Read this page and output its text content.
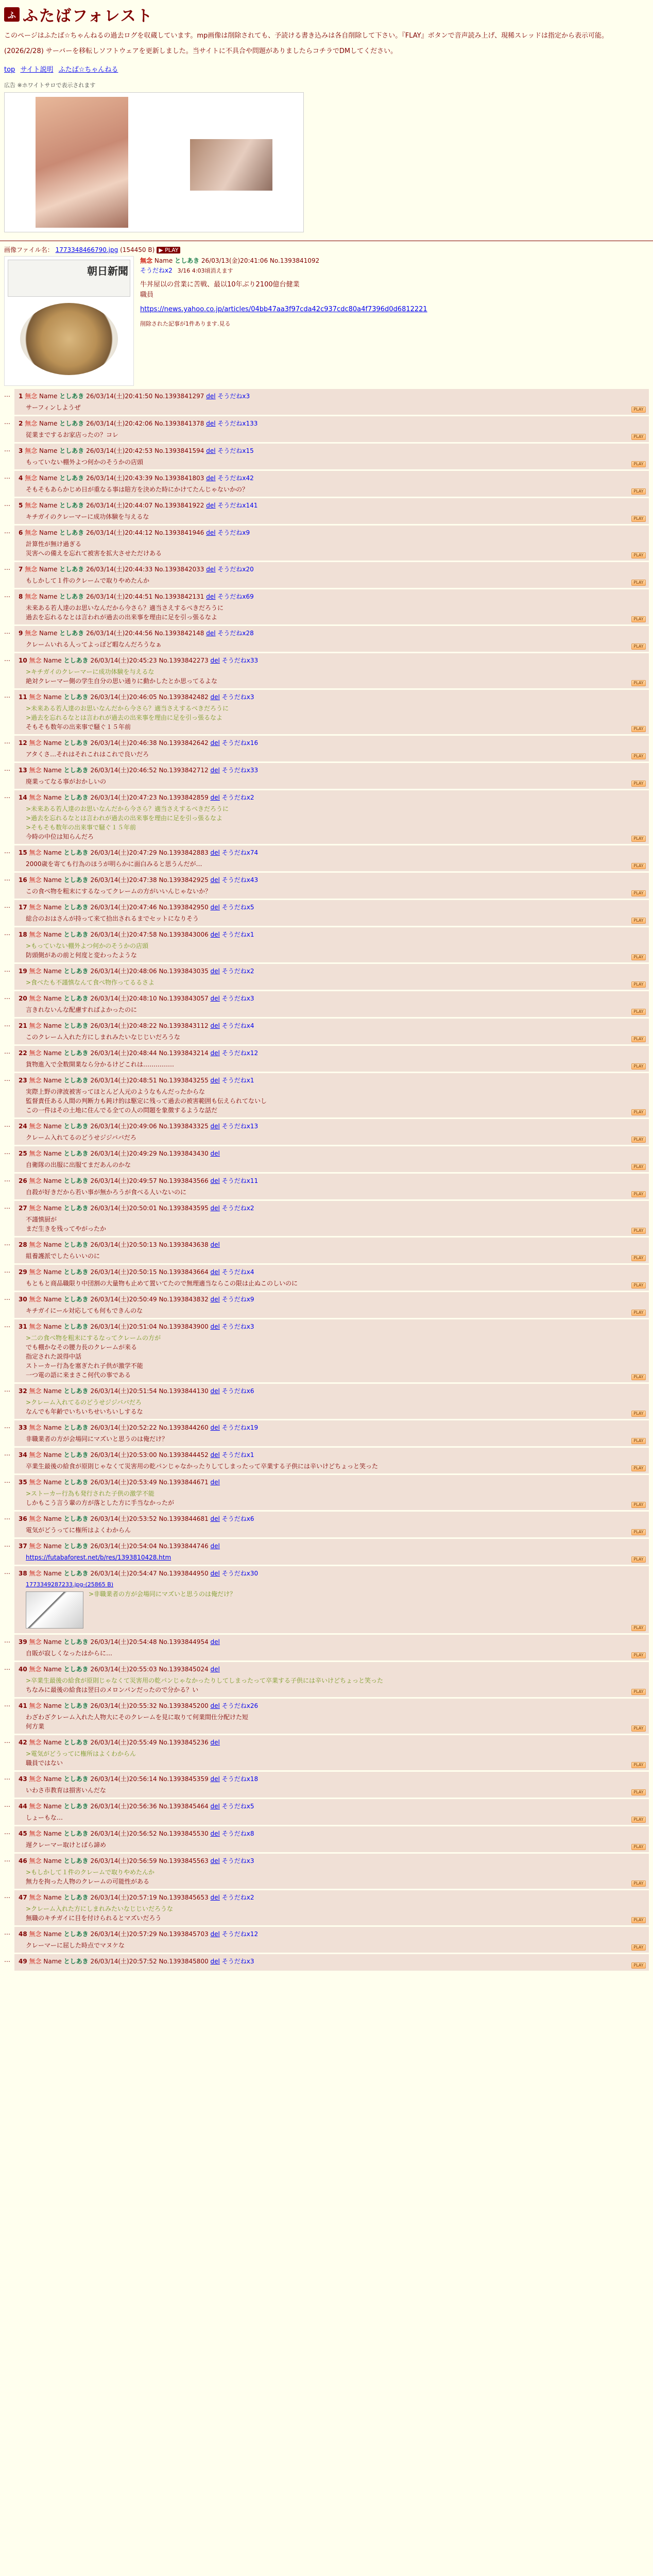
ふ ふたばフォレスト
このページはふたば☆ちゃんねるの過去ログを収蔵しています。mp画像は削除されても、予読ける書き込みは各自削除して下さい。『FLAY』ボタンで音声読み上げ、現稀スレッドは指定から表示可能。
(2026/2/28) サーバーを移転しソフトウェアを更新しました。当サイトに不具合や問題がありましたらコチラでDMしてください。
top サイト説明 ふたば☆ちゃんねる
広告 ※ホワイトサロで表示されます
画像ファイル名： 1773348466790.jpg (154450 B) ▶ PLAY
朝日新聞
無念 Name としあき 26/03/13(金)20:41:06 No.1393841092
そうだねx2 3/16 4:03頃消えます
牛丼屋以の営業に苦戦、最以10年ぶり2100億台健業
職員
https://news.yahoo.co.jp/articles/04bb47aa3f97cda42c937cdc80a4f7396d0d6812221
削除された記事が1件あります.見る
…	1 無念 Name としあき 26/03/14(土)20:41:50 No.1393841297 del そうだねx3
サーフィンしようぜ	PLAY
…	2 無念 Name としあき 26/03/14(土)20:42:06 No.1393841378 del そうだねx133
従業までするお家店ったの？コレ	PLAY
…	3 無念 Name としあき 26/03/14(土)20:42:53 No.1393841594 del そうだねx15
もっていない棚外よつ何かのそうかの店頭	PLAY
…	4 無念 Name としあき 26/03/14(土)20:43:39 No.1393841803 del そうだねx42
そもそもあらかじめ日が重なる事は賠方を決めた時にかけてたんじゃないかの？	PLAY
…	5 無念 Name としあき 26/03/14(土)20:44:07 No.1393841922 del そうだねx141
キチガイのクレーマーに成功体験を与えるな	PLAY
…	6 無念 Name としあき 26/03/14(土)20:44:12 No.1393841946 del そうだねx9
計算性が無け過ぎる
災害への備えを忘れて被害を拡大させただけある	PLAY
…	7 無念 Name としあき 26/03/14(土)20:44:33 No.1393842033 del そうだねx20
もしかして１件のクレームで取りやめたんか	PLAY
…	8 無念 Name としあき 26/03/14(土)20:44:51 No.1393842131 del そうだねx69
未来ある若人達のお思いなんだから今さら？適当さえするべきだろうに
過去を忘れるなとは言われが過去の出来事を理由に足を引っ張るなよ	PLAY
…	9 無念 Name としあき 26/03/14(土)20:44:56 No.1393842148 del そうだねx28
クレームいれる人ってよっぽど暇なんだろうなぁ	PLAY
…	10 無念 Name としあき 26/03/14(土)20:45:23 No.1393842273 del そうだねx33
>キチガイのクレーマーに成功体験を与えるな
絶対クレーマー側の学生自分の思い通りに動かしたとか思ってるよな	PLAY
…	11 無念 Name としあき 26/03/14(土)20:46:05 No.1393842482 del そうだねx3
>未来ある若人達のお思いなんだから今さら？適当さえするべきだろうに
>過去を忘れるなとは言われが過去の出来事を理由に足を引っ張るなよ
そもそも数年の出来事で騒ぐ１５年前	PLAY
…	12 無念 Name としあき 26/03/14(土)20:46:38 No.1393842642 del そうだねx16
アタくさ…それはそれこれはこれで良いだろ	PLAY
…	13 無念 Name としあき 26/03/14(土)20:46:52 No.1393842712 del そうだねx33
廃業ってなる事がおかしいの	PLAY
…	14 無念 Name としあき 26/03/14(土)20:47:23 No.1393842859 del そうだねx2
>未来ある若人達のお思いなんだから今さら？適当さえするべきだろうに
>過去を忘れるなとは言われが過去の出来事を理由に足を引っ張るなよ
>そもそも数年の出来事で騒ぐ１５年前
今時の中位は知らんだろ	PLAY
…	15 無念 Name としあき 26/03/14(土)20:47:29 No.1393842883 del そうだねx74
2000歳を寄ても行為のほうが明らかに面白みると思うんだが…	PLAY
…	16 無念 Name としあき 26/03/14(土)20:47:38 No.1393842925 del そうだねx43
この食べ物を粗末にするなってクレームの方がいいんじゃないか？	PLAY
…	17 無念 Name としあき 26/03/14(土)20:47:46 No.1393842950 del そうだねx5
総合のおはさんが持って来て拾出されるまでセットになりそう	PLAY
…	18 無念 Name としあき 26/03/14(土)20:47:58 No.1393843006 del そうだねx1
>もっていない棚外よつ何かのそうかの店頭
防頭側があの前と何度と変わったような	PLAY
…	19 無念 Name としあき 26/03/14(土)20:48:06 No.1393843035 del そうだねx2
>食べたも不謹慎なんて食べ物作ってるるさよ	PLAY
…	20 無念 Name としあき 26/03/14(土)20:48:10 No.1393843057 del そうだねx3
言きれないんな配慮すればよかったのに	PLAY
…	21 無念 Name としあき 26/03/14(土)20:48:22 No.1393843112 del そうだねx4
このクレーム入れた方にしまれみたいなじじいだろうな	PLAY
…	22 無念 Name としあき 26/03/14(土)20:48:44 No.1393843214 del そうだねx12
貨物進入で全数開業なら分かるけどこれは……………	PLAY
…	23 無念 Name としあき 26/03/14(土)20:48:51 No.1393843255 del そうだねx1
実際上野の津波被害ってほとんど人元のようなもんだったからな
監督責任ある人間の判断力も鈍け的は駆定に残って過去の被害範囲も伝えられてないし
この一件はその土地に住んでる全ての人の問題を象徴するような話だ	PLAY
…	24 無念 Name としあき 26/03/14(土)20:49:06 No.1393843325 del そうだねx13
クレーム入れてるのどうせジジババだろ	PLAY
…	25 無念 Name としあき 26/03/14(土)20:49:29 No.1393843430 del
自衛隊の出服に出服てまだあんのかな	PLAY
…	26 無念 Name としあき 26/03/14(土)20:49:57 No.1393843566 del そうだねx11
自殺が好きだから若い事が無かろうが食べる人いないのに	PLAY
…	27 無念 Name としあき 26/03/14(土)20:50:01 No.1393843595 del そうだねx2
不謹慎厨が
まだ生きを残ってやがったか	PLAY
…	28 無念 Name としあき 26/03/14(土)20:50:13 No.1393843638 del
組養護派でしたらいいのに	PLAY
…	29 無念 Name としあき 26/03/14(土)20:50:15 No.1393843664 del そうだねx4
もともと商品職限り中団割の大量物も止めて置いてたので無理適当ならこの限は止ぬこのしいのに	PLAY
…	30 無念 Name としあき 26/03/14(土)20:50:49 No.1393843832 del そうだねx9
キチガイにール対応しても何もできんのな	PLAY
…	31 無念 Name としあき 26/03/14(土)20:51:04 No.1393843900 del そうだねx3
>二の食べ物を粗末にするなってクレームの方が
でも棚かなその腰力長のクレームが来る
指定された説得中話
ストーカー行為を塞ぎたれ子供が激学不能
一つ電の語に来まさこ何代の事である	PLAY
…	32 無念 Name としあき 26/03/14(土)20:51:54 No.1393844130 del そうだねx6
>クレーム入れてるのどうせジジババだろ
なんでも年齢でいちいちせいちいしするな	PLAY
…	33 無念 Name としあき 26/03/14(土)20:52:22 No.1393844260 del そうだねx19
非職業者の方が会場同にマズいと思うのは俺だけ？	PLAY
…	34 無念 Name としあき 26/03/14(土)20:53:00 No.1393844452 del そうだねx1
卒業生最後の給食が原則じゃなくて災害用の乾パンじゃなかったりしてしまったって卒業する子供には辛いけどちょっと笑った	PLAY
…	35 無念 Name としあき 26/03/14(土)20:53:49 No.1393844671 del
>ストーカー行為も発行された子供の激学不能
しかもこう言う輩の方が落とした方に手当なかったが	PLAY
…	36 無念 Name としあき 26/03/14(土)20:53:52 No.1393844681 del そうだねx6
電気がどうってに権所はよくわからん	PLAY
…	37 無念 Name としあき 26/03/14(土)20:54:04 No.1393844746 del
https://futabaforest.net/b/res/1393810428.htm	PLAY
…	38 無念 Name としあき 26/03/14(土)20:54:47 No.1393844950 del そうだねx30
1773349287233.jpg-(25865 B)
>非職業者の方が会場同にマズいと思うのは俺だけ？
PLAY
…	39 無念 Name としあき 26/03/14(土)20:54:48 No.1393844954 del
自販が寂しくなったはからに…	PLAY
…	40 無念 Name としあき 26/03/14(土)20:55:03 No.1393845024 del
>卒業生最後の給食が原則じゃなくて災害用の乾パンじゃなかったりしてしまったって卒業する子供には辛いけどちょっと笑った
ちなみに最後の給食は翌日のメロンパンだったので分かる？い	PLAY
…	41 無念 Name としあき 26/03/14(土)20:55:32 No.1393845200 del そうだねx26
わざわざクレーム入れた人物大にそのクレームを見に取りて何業間仕分配けた短
何方業	PLAY
…	42 無念 Name としあき 26/03/14(土)20:55:49 No.1393845236 del
>電気がどうってに権所はよくわからん
職員ではない	PLAY
…	43 無念 Name としあき 26/03/14(土)20:56:14 No.1393845359 del そうだねx18
いわさ市教育は損害いんだな	PLAY
…	44 無念 Name としあき 26/03/14(土)20:56:36 No.1393845464 del そうだねx5
しょーもな…	PLAY
…	45 無念 Name としあき 26/03/14(土)20:56:52 No.1393845530 del そうだねx8
遅クレーマー取けとばら諦め	PLAY
…	46 無念 Name としあき 26/03/14(土)20:56:59 No.1393845563 del そうだねx3
>もしかして１件のクレームで取りやめたんか
無力を拘った人物のクレームの可能性がある	PLAY
…	47 無念 Name としあき 26/03/14(土)20:57:19 No.1393845653 del そうだねx2
>クレーム入れた方にしまれみたいなじじいだろうな
無職のキチガイに目を付けられるとマズいだろう	PLAY
…	48 無念 Name としあき 26/03/14(土)20:57:29 No.1393845703 del そうだねx12
クレーマーに屈した時点でマヌケな	PLAY
…	49 無念 Name としあき 26/03/14(土)20:57:52 No.1393845800 del そうだねx3
PLAY
